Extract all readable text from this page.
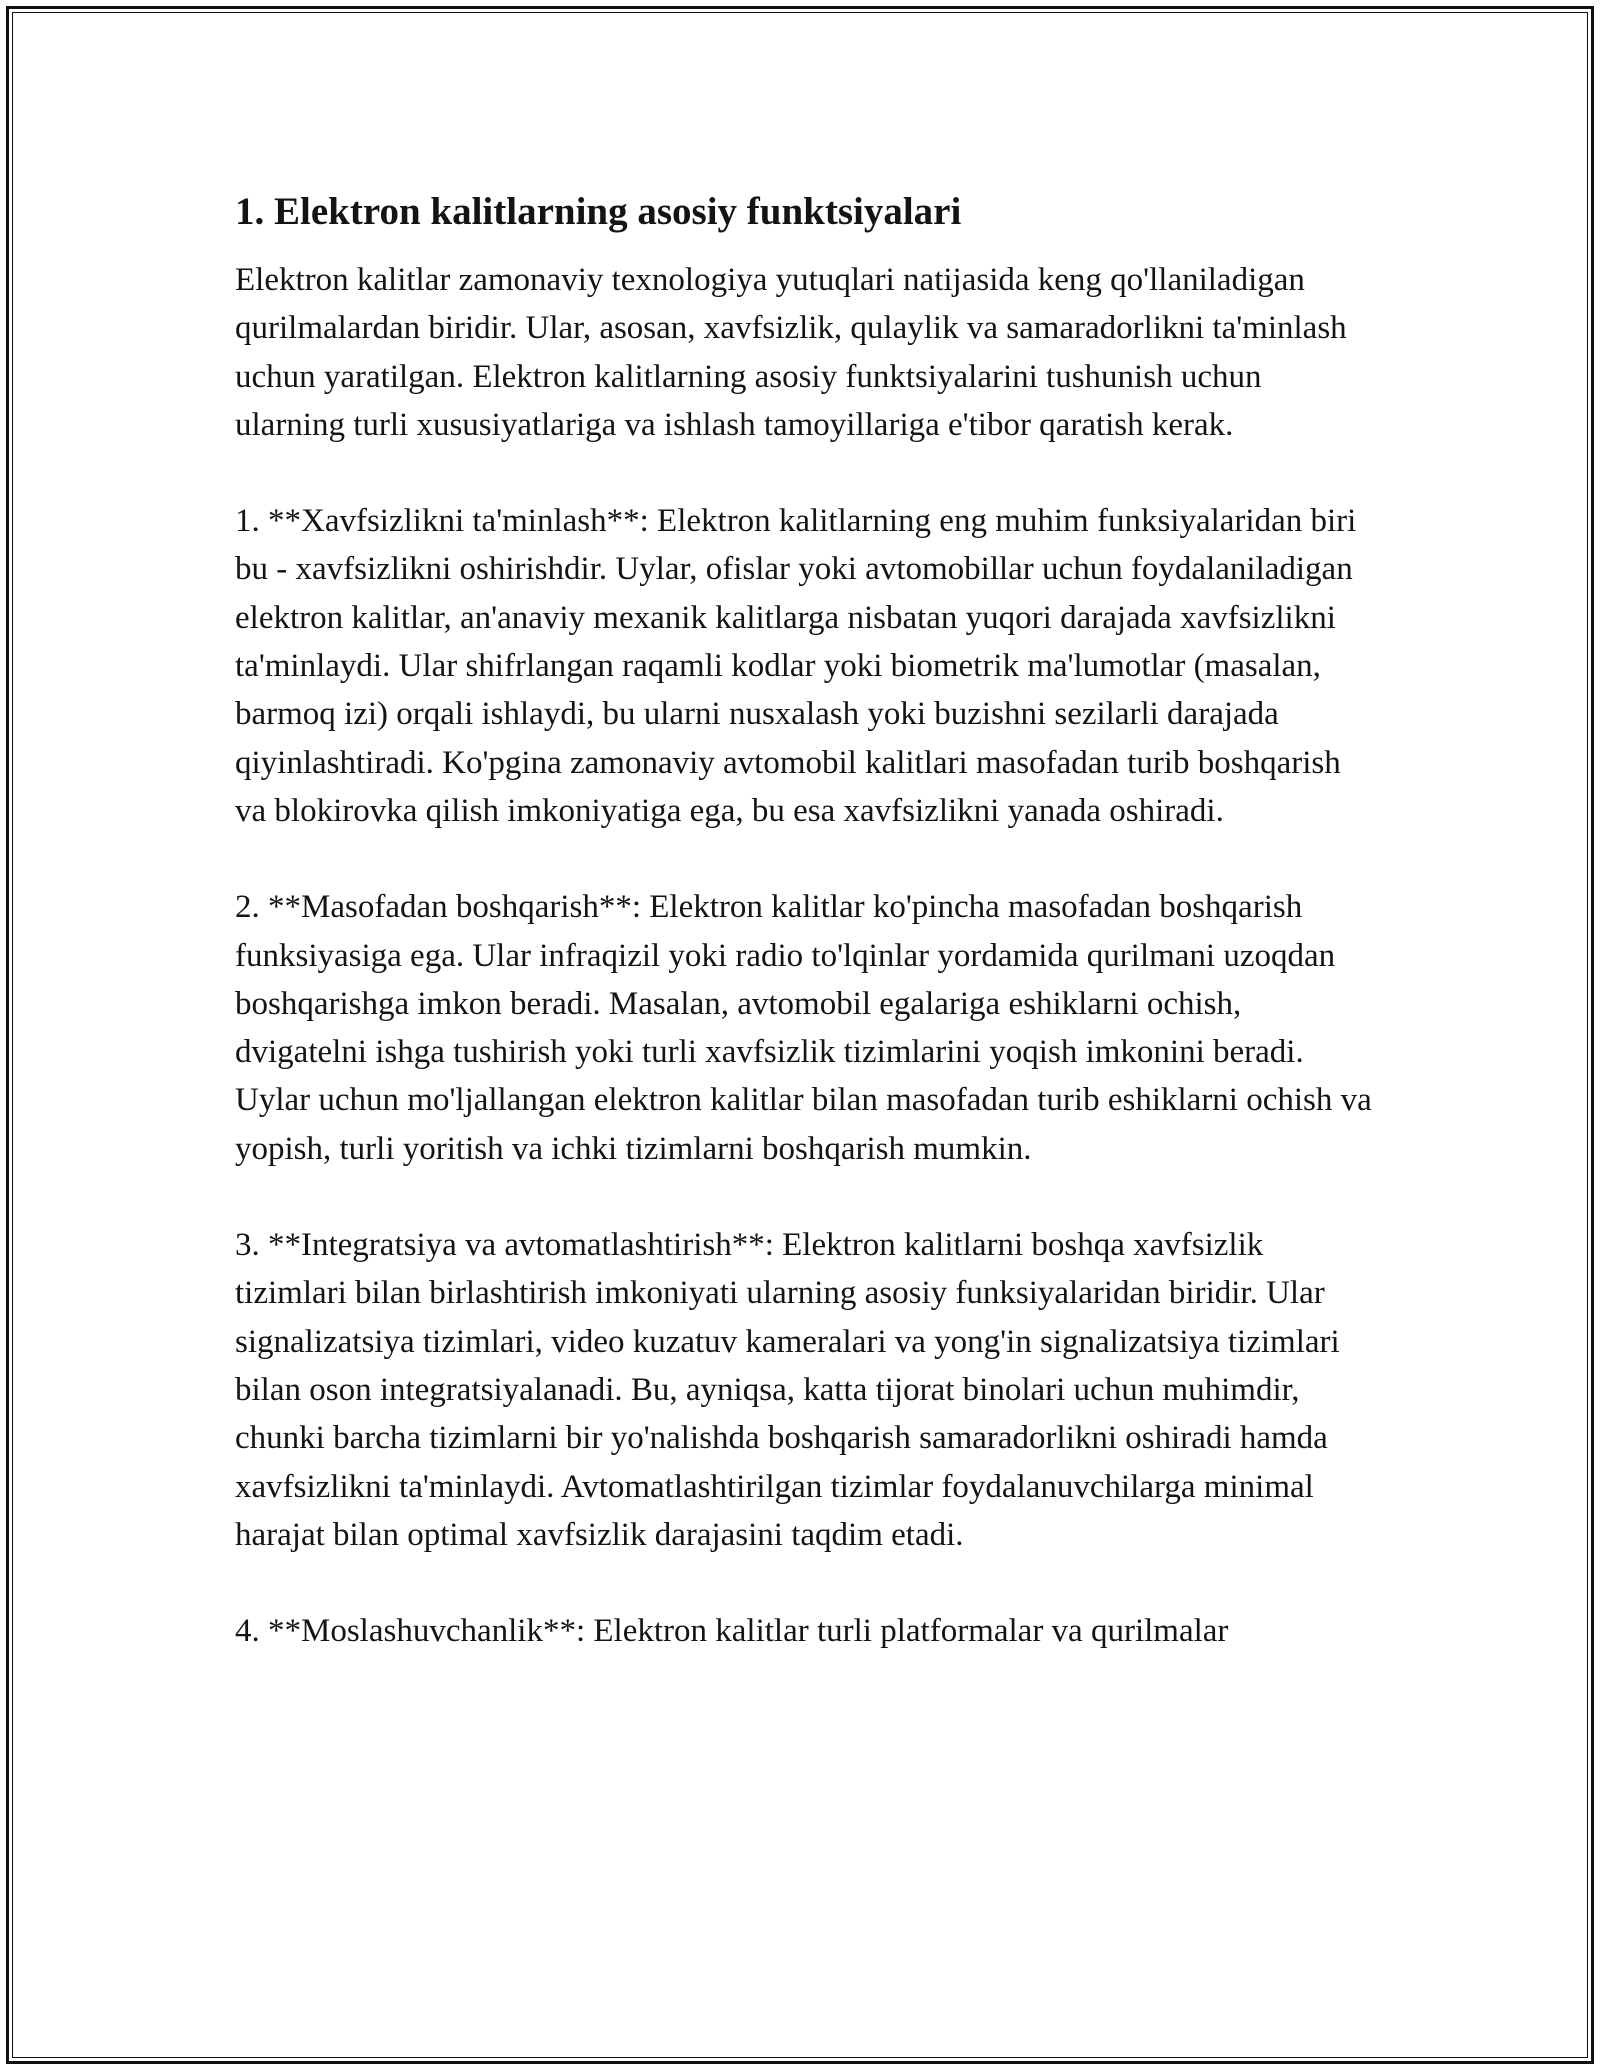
1. Elektron kalitlarning asosiy funktsiyalari

Elektron kalitlar zamonaviy texnologiya yutuqlari natijasida keng qo'llaniladigan qurilmalardan biridir. Ular, asosan, xavfsizlik, qulaylik va samaradorlikni ta'minlash uchun yaratilgan. Elektron kalitlarning asosiy funktsiyalarini tushunish uchun ularning turli xususiyatlariga va ishlash tamoyillariga e'tibor qaratish kerak.

1. **Xavfsizlikni ta'minlash**: Elektron kalitlarning eng muhim funksiyalaridan biri bu - xavfsizlikni oshirishdir. Uylar, ofislar yoki avtomobillar uchun foydalaniladigan elektron kalitlar, an'anaviy mexanik kalitlarga nisbatan yuqori darajada xavfsizlikni ta'minlaydi. Ular shifrlangan raqamli kodlar yoki biometrik ma'lumotlar (masalan, barmoq izi) orqali ishlaydi, bu ularni nusxalash yoki buzishni sezilarli darajada qiyinlashtiradi. Ko'pgina zamonaviy avtomobil kalitlari masofadan turib boshqarish va blokirovka qilish imkoniyatiga ega, bu esa xavfsizlikni yanada oshiradi.

2. **Masofadan boshqarish**: Elektron kalitlar ko'pincha masofadan boshqarish funksiyasiga ega. Ular infraqizil yoki radio to'lqinlar yordamida qurilmani uzoqdan boshqarishga imkon beradi. Masalan, avtomobil egalariga eshiklarni ochish, dvigatelni ishga tushirish yoki turli xavfsizlik tizimlarini yoqish imkonini beradi. Uylar uchun mo'ljallangan elektron kalitlar bilan masofadan turib eshiklarni ochish va yopish, turli yoritish va ichki tizimlarni boshqarish mumkin.

3. **Integratsiya va avtomatlashtirish**: Elektron kalitlarni boshqa xavfsizlik tizimlari bilan birlashtirish imkoniyati ularning asosiy funksiyalaridan biridir. Ular signalizatsiya tizimlari, video kuzatuv kameralari va yong'in signalizatsiya tizimlari bilan oson integratsiyalanadi. Bu, ayniqsa, katta tijorat binolari uchun muhimdir, chunki barcha tizimlarni bir yo'nalishda boshqarish samaradorlikni oshiradi hamda xavfsizlikni ta'minlaydi. Avtomatlashtirilgan tizimlar foydalanuvchilarga minimal harajat bilan optimal xavfsizlik darajasini taqdim etadi.

4. **Moslashuvchanlik**: Elektron kalitlar turli platformalar va qurilmalar
